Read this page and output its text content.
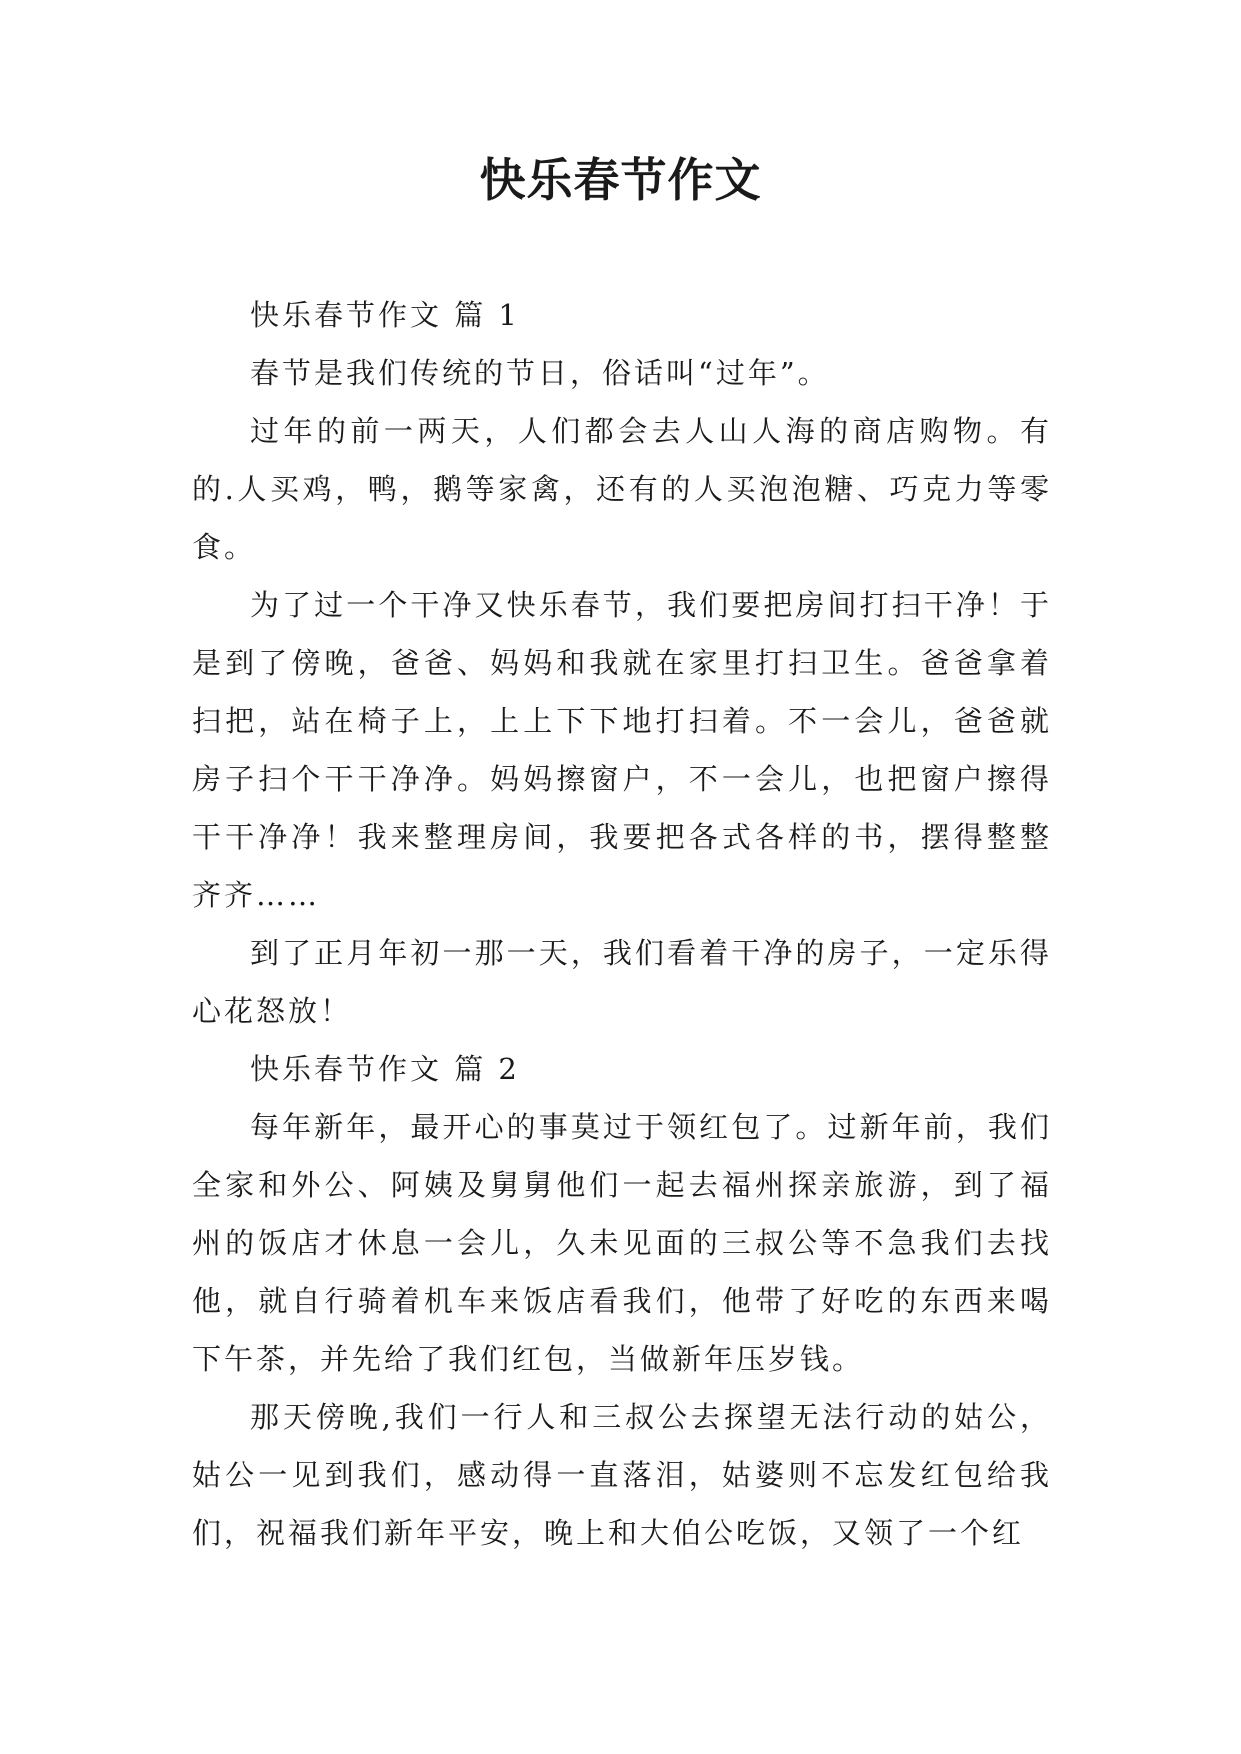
快乐春节作文

快乐春节作文 篇 1

春节是我们传统的节日，俗话叫“过年”。

过年的前一两天，人们都会去人山人海的商店购物。有的.人买鸡，鸭，鹅等家禽，还有的人买泡泡糖、巧克力等零食。

为了过一个干净又快乐春节，我们要把房间打扫干净！于是到了傍晚，爸爸、妈妈和我就在家里打扫卫生。爸爸拿着扫把，站在椅子上，上上下下地打扫着。不一会儿，爸爸就房子扫个干干净净。妈妈擦窗户，不一会儿，也把窗户擦得干干净净！我来整理房间，我要把各式各样的书，摆得整整齐齐……

到了正月年初一那一天，我们看着干净的房子，一定乐得心花怒放！

快乐春节作文 篇 2

每年新年，最开心的事莫过于领红包了。过新年前，我们全家和外公、阿姨及舅舅他们一起去福州探亲旅游，到了福州的饭店才休息一会儿，久未见面的三叔公等不急我们去找他，就自行骑着机车来饭店看我们，他带了好吃的东西来喝下午茶，并先给了我们红包，当做新年压岁钱。

那天傍晚,我们一行人和三叔公去探望无法行动的姑公，姑公一见到我们，感动得一直落泪，姑婆则不忘发红包给我们，祝福我们新年平安，晚上和大伯公吃饭，又领了一个红
